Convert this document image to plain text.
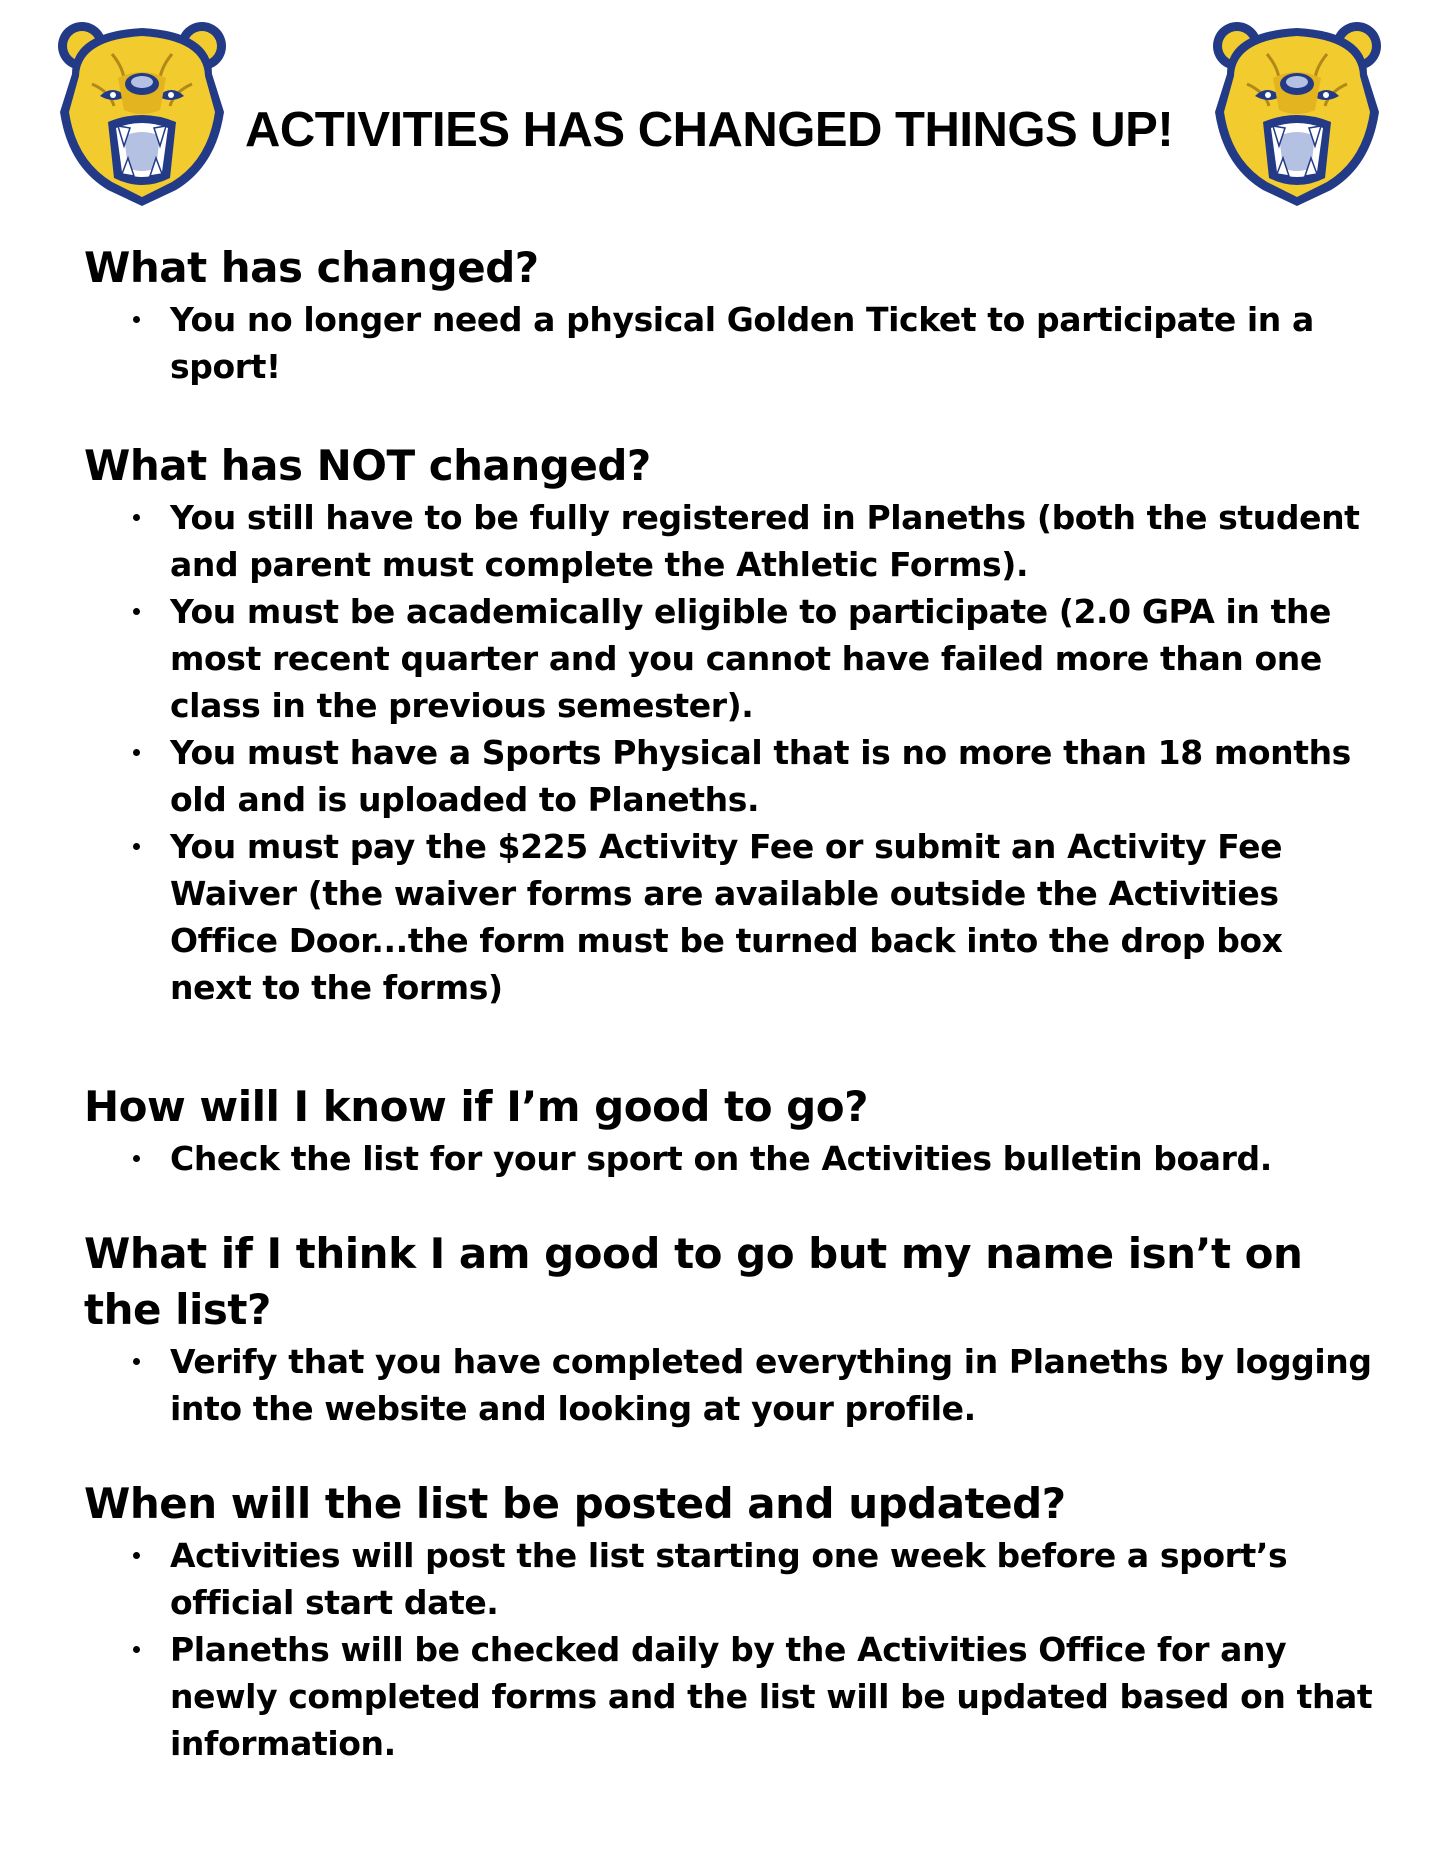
ACTIVITIES HAS CHANGED THINGS UP!
What has changed?
You no longer need a physical Golden Ticket to participate in a sport!
What has NOT changed?
You still have to be fully registered in Planeths (both the student and parent must complete the Athletic Forms).
You must be academically eligible to participate (2.0 GPA in the most recent quarter and you cannot have failed more than one class in the previous semester).
You must have a Sports Physical that is no more than 18 months old and is uploaded to Planeths.
You must pay the $225 Activity Fee or submit an Activity Fee Waiver (the waiver forms are available outside the Activities Office Door...the form must be turned back into the drop box next to the forms)
How will I know if I’m good to go?
Check the list for your sport on the Activities bulletin board.
What if I think I am good to go but my name isn’t on the list?
Verify that you have completed everything in Planeths by logging into the website and looking at your profile.
When will the list be posted and updated?
Activities will post the list starting one week before a sport’s official start date.
Planeths will be checked daily by the Activities Office for any newly completed forms and the list will be updated based on that information.
